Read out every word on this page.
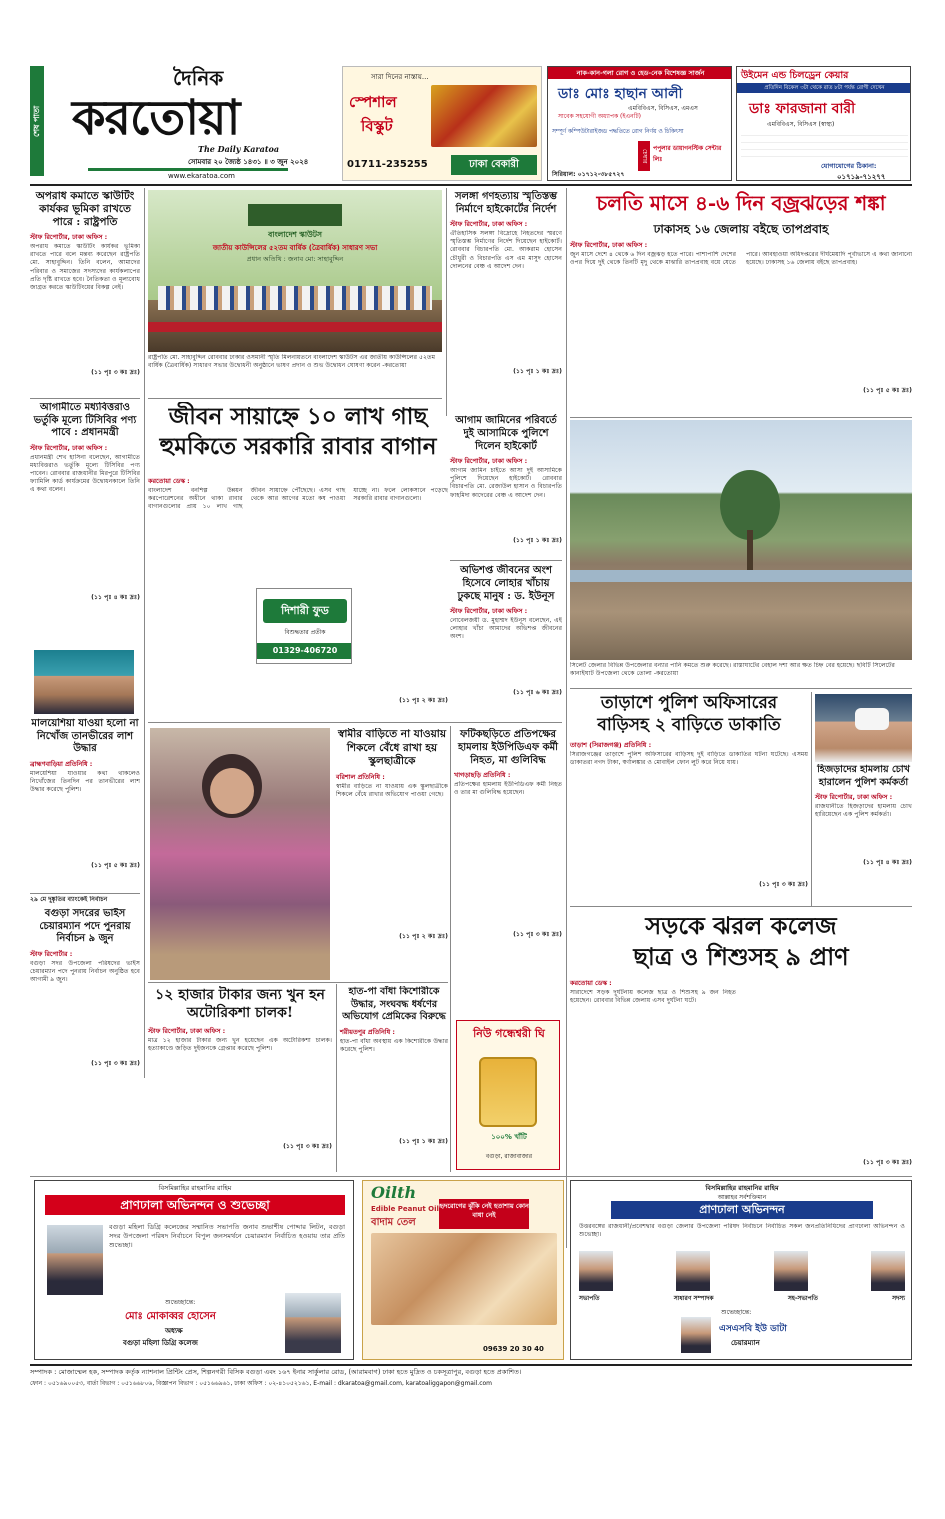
শেষ পাতা
দৈনিক
করতোয়া
The Daily Karatoa
সোমবার ২০ জ্যৈষ্ঠ ১৪৩১ ॥ ৩ জুন ২০২৪
www.ekaratoa.com
সারা দিনের নাস্তায়...
স্পেশাল
বিস্কুট
01711-235255	ঢাকা বেকারী
নাক-কান-গলা রোগ ও হেড-নেক বিশেষজ্ঞ সার্জন
ডাঃ মোঃ হাছান আলী
এমবিবিএস, বিসিএস, এমএস
সাবেক সহযোগী অধ্যাপক (ইএনটি)
সম্পূর্ণ কম্পিউটারাইজড পদ্ধতিতে রোগ নির্ণয় ও চিকিৎসা
চেম্বার
পপুলার ডায়াগনস্টিক সেন্টার লিঃ
সিরিয়াল: ০১৭১২-৩৮৫৭২৭
উইমেন এন্ড চিলড্রেন কেয়ার
প্রতিদিন বিকেল ৩টা থেকে রাত ৮টা পর্যন্ত রোগী দেখেন
ডাঃ ফারজানা বারী
এমবিবিএস, বিসিএস (স্বাস্থ্য)
যোগাযোগের ঠিকানা:
০১৭১৯-৭১২৭৭
অপরাধ কমাতে স্কাউটিং কার্যকর ভূমিকা রাখতে পারে : রাষ্ট্রপতি
স্টাফ রিপোর্টার, ঢাকা অফিস :
অপরাধ কমাতে স্কাউটিং কার্যকর ভূমিকা রাখতে পারে বলে মন্তব্য করেছেন রাষ্ট্রপতি মো. সাহাবুদ্দিন। তিনি বলেন, আমাদের পরিবার ও সমাজের সদস্যদের কার্যকলাপের প্রতি দৃষ্টি রাখতে হবে। নৈতিকতা ও মূল্যবোধ জাগ্রত করতে স্কাউটিংয়ের বিকল্প নেই।
(১১ পৃঃ ৩ কঃ দ্রঃ)
আগামীতে মধ্যবিত্তরাও ভর্তুকি মূল্যে টিসিবির পণ্য পাবে : প্রধানমন্ত্রী
স্টাফ রিপোর্টার, ঢাকা অফিস :
প্রধানমন্ত্রী শেখ হাসিনা বলেছেন, আগামীতে মধ্যবিত্তরাও ভর্তুকি মূল্যে টিসিবির পণ্য পাবেন। রোববার রাজধানীর মিরপুরে টিসিবির ফ্যামিলি কার্ড কার্যক্রমের উদ্বোধনকালে তিনি এ কথা বলেন।
(১১ পৃঃ ৪ কঃ দ্রঃ)
মালয়েশিয়া যাওয়া হলো না নিখোঁজ তানভীরের লাশ উদ্ধার
ব্রাহ্মণবাড়িয়া প্রতিনিধি :
মালয়েশিয়া যাওয়ার কথা থাকলেও নিখোঁজের তিনদিন পর তানভীরের লাশ উদ্ধার করেছে পুলিশ।
(১১ পৃঃ ৫ কঃ দ্রঃ)
২৯ মে দুষ্কৃতির ব্যাংকেই নির্বাচন
বগুড়া সদরের ভাইস চেয়ারম্যান পদে পুনরায় নির্বাচন ৯ জুন
স্টাফ রিপোর্টার :
বগুড়া সদর উপজেলা পরিষদের ভাইস চেয়ারম্যান পদে পুনরায় নির্বাচন অনুষ্ঠিত হবে আগামী ৯ জুন।
(১১ পৃঃ ৩ কঃ দ্রঃ)
বাংলাদেশ স্কাউটস
জাতীয় কাউন্সিলের ৫২তম বার্ষিক (ত্রৈবার্ষিক) সাধারণ সভা
প্রধান অতিথি : জনাব মো: সাহাবুদ্দিন
রাষ্ট্রপতি মো. সাহাবুদ্দিন রোববার ঢাকার ওসমানী স্মৃতি মিলনায়তনে বাংলাদেশ স্কাউটস এর জাতীয় কাউন্সিলের ৫২তম বার্ষিক (ত্রৈবার্ষিক) সাধারণ সভার উদ্বোধনী অনুষ্ঠানে ভাষণ প্রদান ও শুভ উদ্বোধন ঘোষণা করেন -করতোয়া
সলঙ্গা গণহত্যায় স্মৃতিস্তম্ভ নির্মাণে হাইকোর্টের নির্দেশ
স্টাফ রিপোর্টার, ঢাকা অফিস :
ঐতিহাসিক সলঙ্গা বিদ্রোহে নিহতদের স্মরণে স্মৃতিস্তম্ভ নির্মাণের নির্দেশ দিয়েছেন হাইকোর্ট। রোববার বিচারপতি মো. আকরাম হোসেন চৌধুরী ও বিচারপতি এস এম মাসুদ হোসেন দোলনের বেঞ্চ এ আদেশ দেন।
(১১ পৃঃ ১ কঃ দ্রঃ)
চলতি মাসে ৪-৬ দিন বজ্রঝড়ের শঙ্কা
ঢাকাসহ ১৬ জেলায় বইছে তাপপ্রবাহ
স্টাফ রিপোর্টার, ঢাকা অফিস :
জুন মাসে দেশে ৪ থেকে ৬ দিন বজ্রঝড় হতে পারে। পাশাপাশি দেশের ওপর দিয়ে দুই থেকে তিনটি মৃদু থেকে মাঝারি তাপপ্রবাহ বয়ে যেতে পারে। আবহাওয়া অধিদপ্তরের দীর্ঘমেয়াদি পূর্বাভাসে এ কথা জানানো হয়েছে। ঢাকাসহ ১৬ জেলায় বইছে তাপপ্রবাহ।
(১১ পৃঃ ৫ কঃ দ্রঃ)
জীবন সায়াহ্নে ১০ লাখ গাছ
হুমকিতে সরকারি রাবার বাগান
করতোয়া ডেস্ক :
বাংলাদেশ বনশিল্প উন্নয়ন করপোরেশনের অধীনে থাকা রাবার বাগানগুলোর প্রায় ১০ লাখ গাছ জীবন সায়াহ্নে পৌঁছেছে। এসব গাছ থেকে আর আগের মতো কষ পাওয়া যাচ্ছে না। ফলে লোকসানে পড়েছে সরকারি রাবার বাগানগুলো।
(১১ পৃঃ ২ কঃ দ্রঃ)
দিশারী ফুড
বিশুদ্ধতার প্রতীক
01329-406720
আগাম জামিনের পরিবর্তে দুই আসামিকে পুলিশে দিলেন হাইকোর্ট
স্টাফ রিপোর্টার, ঢাকা অফিস :
আগাম জামিন চাইতে আসা দুই আসামিকে পুলিশে দিয়েছেন হাইকোর্ট। রোববার বিচারপতি মো. রেজাউল হাসান ও বিচারপতি ফাহমিদা কাদেরের বেঞ্চ এ আদেশ দেন।
(১১ পৃঃ ১ কঃ দ্রঃ)
অভিশপ্ত জীবনের অংশ হিসেবে লোহার খাঁচায় ঢুকছে মানুষ : ড. ইউনূস
স্টাফ রিপোর্টার, ঢাকা অফিস :
নোবেলজয়ী ড. মুহাম্মদ ইউনূস বলেছেন, এই লোহার খাঁচা আমাদের অভিশপ্ত জীবনের অংশ।
(১১ পৃঃ ৬ কঃ দ্রঃ)
সিলেট জেলার বিভিন্ন উপজেলার বন্যার পানি কমতে শুরু করেছে। রাস্তাঘাটের বেহাল দশা আর ক্ষত চিহ্ন বের হয়েছে। ছবিটি সিলেটের কানাইঘাট উপজেলা থেকে তোলা -করতোয়া
তাড়াশে পুলিশ অফিসারের
বাড়িসহ ২ বাড়িতে ডাকাতি
তাড়াশ (সিরাজগঞ্জ) প্রতিনিধি :
সিরাজগঞ্জের তাড়াশে পুলিশ অফিসারের বাড়িসহ দুই বাড়িতে ডাকাতির ঘটনা ঘটেছে। এসময় ডাকাতরা নগদ টাকা, স্বর্ণালঙ্কার ও মোবাইল ফোন লুট করে নিয়ে যায়।
(১১ পৃঃ ৩ কঃ দ্রঃ)
হিজড়াদের হামলায় চোখ হারালেন পুলিশ কর্মকর্তা
স্টাফ রিপোর্টার, ঢাকা অফিস :
রাজধানীতে হিজড়াদের হামলায় চোখ হারিয়েছেন এক পুলিশ কর্মকর্তা।
(১১ পৃঃ ৪ কঃ দ্রঃ)
স্বামীর বাড়িতে না যাওয়ায় শিকলে বেঁধে রাখা হয় স্কুলছাত্রীকে
বরিশাল প্রতিনিধি :
স্বামীর বাড়িতে না যাওয়ায় এক স্কুলছাত্রীকে শিকলে বেঁধে রাখার অভিযোগ পাওয়া গেছে।
(১১ পৃঃ ২ কঃ দ্রঃ)
ফটিকছড়িতে প্রতিপক্ষের হামলায় ইউপিডিএফ কর্মী নিহত, মা গুলিবিদ্ধ
খাগড়াছড়ি প্রতিনিধি :
প্রতিপক্ষের হামলায় ইউপিডিএফ কর্মী নিহত ও তার মা গুলিবিদ্ধ হয়েছেন।
(১১ পৃঃ ৩ কঃ দ্রঃ)
১২ হাজার টাকার জন্য খুন হন অটোরিকশা চালক!
স্টাফ রিপোর্টার, ঢাকা অফিস :
মাত্র ১২ হাজার টাকার জন্য খুন হয়েছেন এক অটোরিকশা চালক। হত্যাকাণ্ডে জড়িত দুইজনকে গ্রেপ্তার করেছে পুলিশ।
(১১ পৃঃ ৩ কঃ দ্রঃ)
হাত-পা বাঁধা কিশোরীকে উদ্ধার, সংঘবদ্ধ ধর্ষণের অভিযোগ প্রেমিকের বিরুদ্ধে
শরীয়তপুর প্রতিনিধি :
হাত-পা বাঁধা অবস্থায় এক কিশোরীকে উদ্ধার করেছে পুলিশ।
(১১ পৃঃ ১ কঃ দ্রঃ)
নিউ গন্ধেশ্বরী ঘি
১০০% খাঁটি
বগুড়া, রাজাবাজার
সড়কে ঝরল কলেজ
ছাত্র ও শিশুসহ ৯ প্রাণ
করতোয়া ডেস্ক :
সারাদেশে সড়ক দুর্ঘটনায় কলেজ ছাত্র ও শিশুসহ ৯ জন নিহত হয়েছেন। রোববার বিভিন্ন জেলায় এসব দুর্ঘটনা ঘটে।
(১১ পৃঃ ৩ কঃ দ্রঃ)
বিসমিল্লাহির রাহমানির রাহিম
প্রাণঢালা অভিনন্দন ও শুভেচ্ছা
বগুড়া মহিলা ডিগ্রি কলেজের সম্মানিত সভাপতি জনাব শুভাশীষ পোদ্দার লিটন, বগুড়া সদর উপজেলা পরিষদ নির্বাচনে বিপুল জনসমর্থনে চেয়ারম্যান নির্বাচিত হওয়ায় তার প্রতি শুভেচ্ছা।
শুভেচ্ছান্তে:
মোঃ মোকাব্বর হোসেন
অধ্যক্ষ
বগুড়া মহিলা ডিগ্রি কলেজ
Oilth
Edible Peanut Oil
বাদাম তেল
হৃদরোগের ঝুঁকি নেই হতাশায় কোন বাধা নেই
09639 20 30 40
বিসমিল্লাহির রাহমানির রাহিম
আল্লাহর সর্বশক্তিমান
প্রাণঢালা অভিনন্দন
উত্তরবঙ্গের রাজধানী/প্রবেশদ্বার বগুড়া জেলার উপজেলা পরিষদ নির্বাচনে নির্বাচিত সকল জনপ্রতিনিধিদের প্রাণঢালা অভিনন্দন ও শুভেচ্ছা।
সভাপতি	সাধারণ সম্পাদক	সহ-সভাপতি	সদস্য
শুভেচ্ছান্তে:
এসএসবি ইউ ডাটা
চেয়ারম্যান
সম্পাদক : মোজাম্মেল হক, সম্পাদক কর্তৃক ন্যাশনাল প্রিন্টিং প্রেস, শিল্পনগরী বিসিক বগুড়া এবং ১৬৭ ইনার সার্কুলার রোড, (আরামবাগ) ঢাকা হতে মুদ্রিত ও চকসূত্রাপুর, বগুড়া হতে প্রকাশিত।
ফোন : ০৫১৬৯০০৫৩, বার্তা বিভাগ : ০৫১৬৬৮০৬, বিজ্ঞাপন বিভাগ : ০৫১৬৬৯৬১, ঢাকা অফিস : ০২-৪১০৫২১৬১, E-mail : dkaratoa@gmail.com, karatoaliggapon@gmail.com
